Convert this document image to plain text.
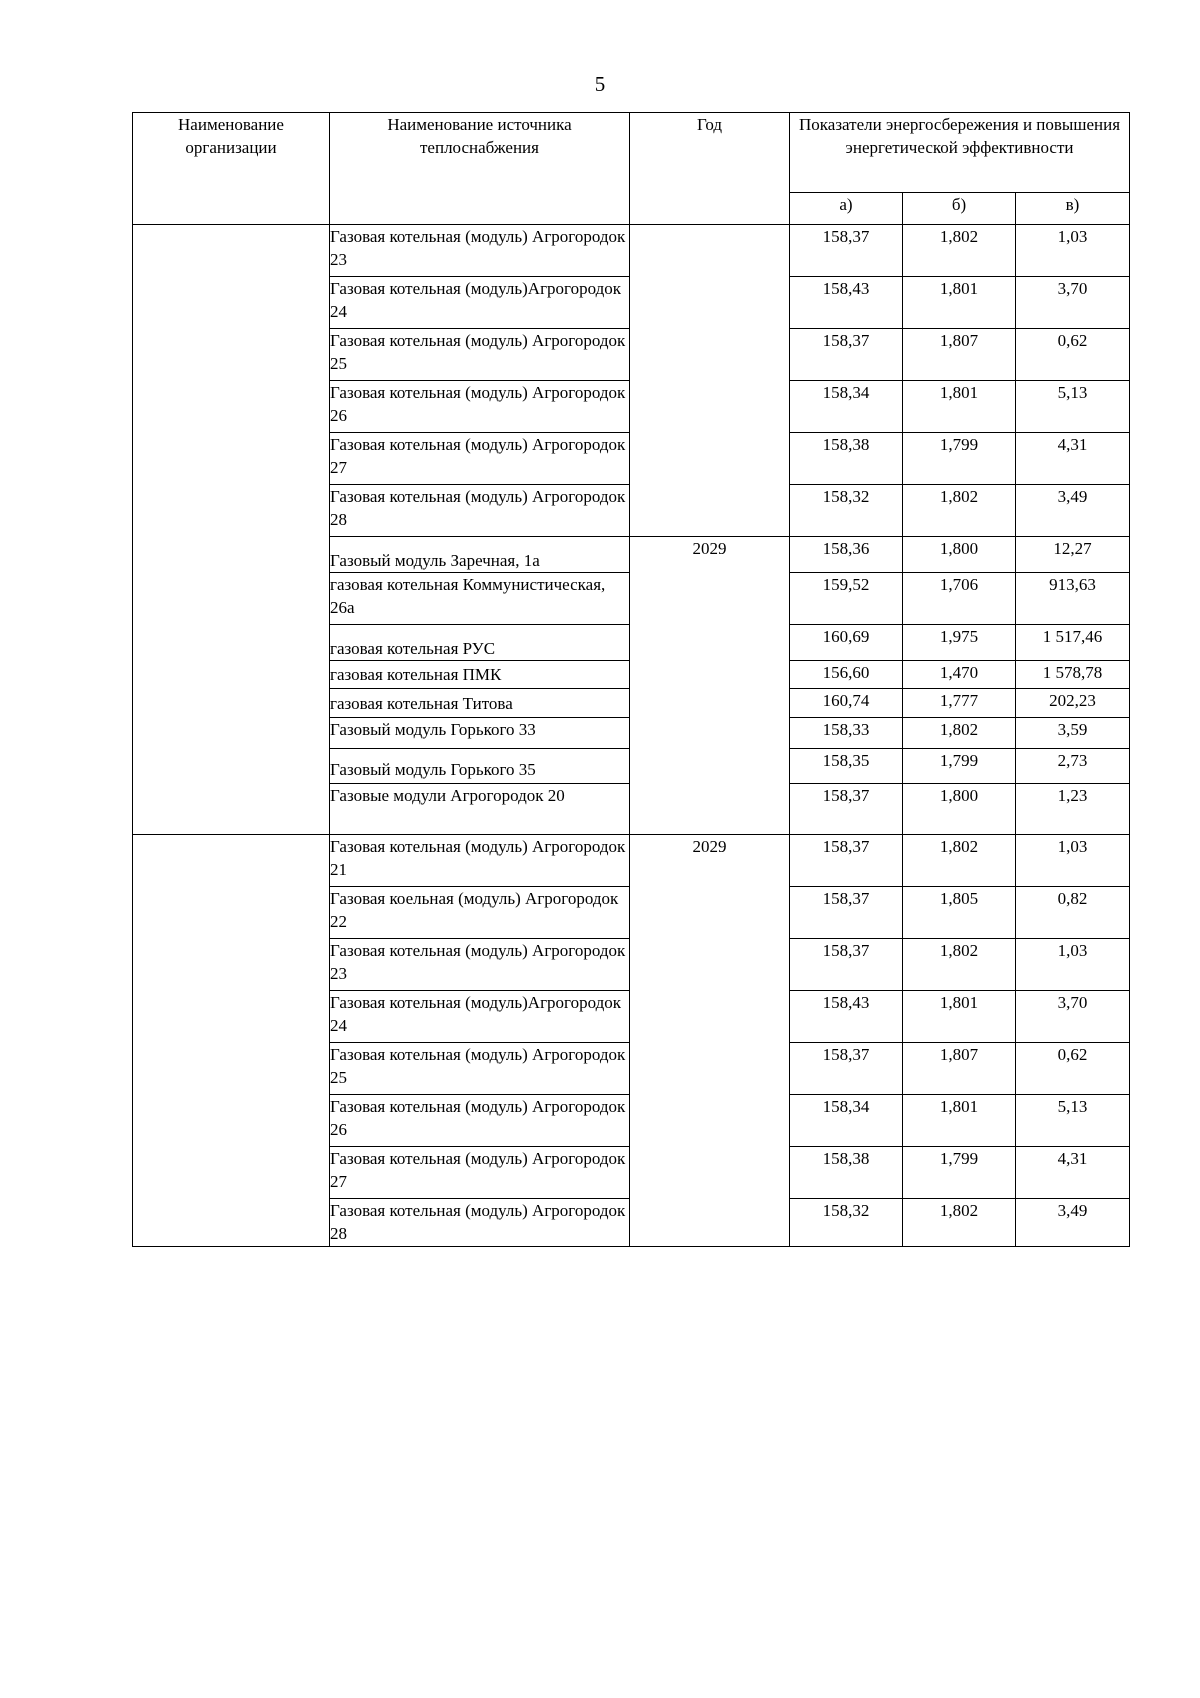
5
Наименование организации	Наименование источника теплоснабжения	Год	Показатели энергосбережения и повышения энергетической эффективности		
			а)	б)	в)
	Газовая котельная (модуль) Агрогородок 23		158,37	1,802	1,03
	Газовая котельная (модуль)Агрогородок 24		158,43	1,801	3,70
	Газовая котельная (модуль) Агрогородок 25		158,37	1,807	0,62
	Газовая котельная (модуль) Агрогородок 26		158,34	1,801	5,13
	Газовая котельная (модуль) Агрогородок 27		158,38	1,799	4,31
	Газовая котельная (модуль) Агрогородок 28		158,32	1,802	3,49
	Газовый модуль Заречная, 1а	2029	158,36	1,800	12,27
	газовая котельная Коммунистическая, 26а		159,52	1,706	913,63
	газовая котельная РУС		160,69	1,975	1 517,46
	газовая котельная ПМК		156,60	1,470	1 578,78
	газовая котельная Титова		160,74	1,777	202,23
	Газовый модуль Горького 33		158,33	1,802	3,59
	Газовый модуль Горького 35		158,35	1,799	2,73
	Газовые модули Агрогородок 20		158,37	1,800	1,23
	Газовая котельная (модуль) Агрогородок 21	2029	158,37	1,802	1,03
	Газовая коельная (модуль) Агрогородок 22		158,37	1,805	0,82
	Газовая котельная (модуль) Агрогородок 23		158,37	1,802	1,03
	Газовая котельная (модуль)Агрогородок 24		158,43	1,801	3,70
	Газовая котельная (модуль) Агрогородок 25		158,37	1,807	0,62
	Газовая котельная (модуль) Агрогородок 26		158,34	1,801	5,13
	Газовая котельная (модуль) Агрогородок 27		158,38	1,799	4,31
	Газовая котельная (модуль) Агрогородок 28		158,32	1,802	3,49
